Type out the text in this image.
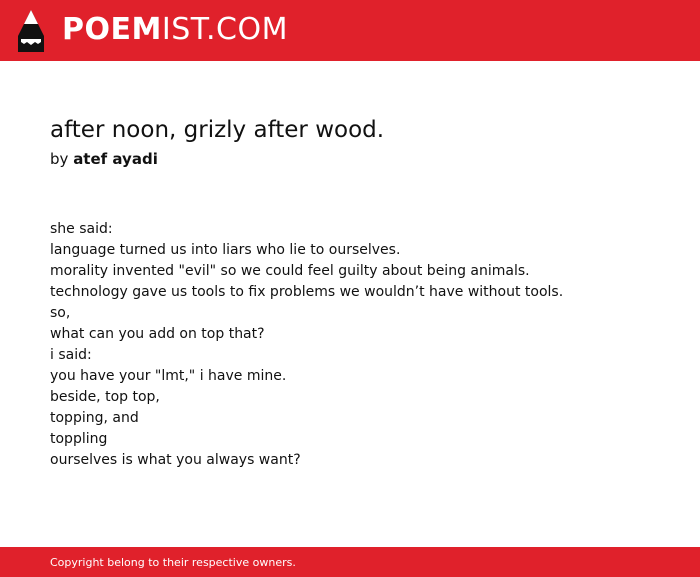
POEMIST.COM
after noon, grizly after wood.
by atef ayadi
she said:
language turned us into liars who lie to ourselves.
morality invented "evil" so we could feel guilty about being animals.
technology gave us tools to fix problems we wouldn’t have without tools.
so,
what can you add on top that?
i said:
you have your "lmt," i have mine.
beside, top top,
topping, and
toppling
ourselves is what you always want?
Copyright belong to their respective owners.
